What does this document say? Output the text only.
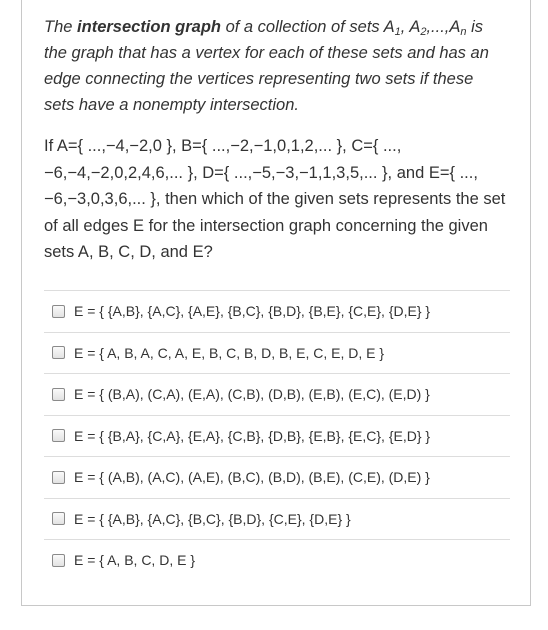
The intersection graph of a collection of sets $A_1$, $A_2,...,A_n$ is the graph that has a vertex for each of these sets and has an edge connecting the vertices representing two sets if these sets have a nonempty intersection.
If A={ ...,−4,−2,0 }, B={ ...,−2,−1,0,1,2,... }, C={ ..., −6,−4,−2,0,2,4,6,... }, D={ ...,−5,−3,−1,1,3,5,... }, and E={ ..., −6,−3,0,3,6,... }, then which of the given sets represents the set of all edges E for the intersection graph concerning the given sets A, B, C, D, and E?
E = { {A,B}, {A,C}, {A,E}, {B,C}, {B,D}, {B,E}, {C,E}, {D,E} }
E = { A, B, A, C, A, E, B, C, B, D, B, E, C, E, D, E }
E = { (B,A), (C,A), (E,A), (C,B), (D,B), (E,B), (E,C), (E,D) }
E = { {B,A}, {C,A}, {E,A}, {C,B}, {D,B}, {E,B}, {E,C}, {E,D} }
E = { (A,B), (A,C), (A,E), (B,C), (B,D), (B,E), (C,E), (D,E) }
E = { {A,B}, {A,C}, {B,C}, {B,D}, {C,E}, {D,E} }
E = { A, B, C, D, E }
